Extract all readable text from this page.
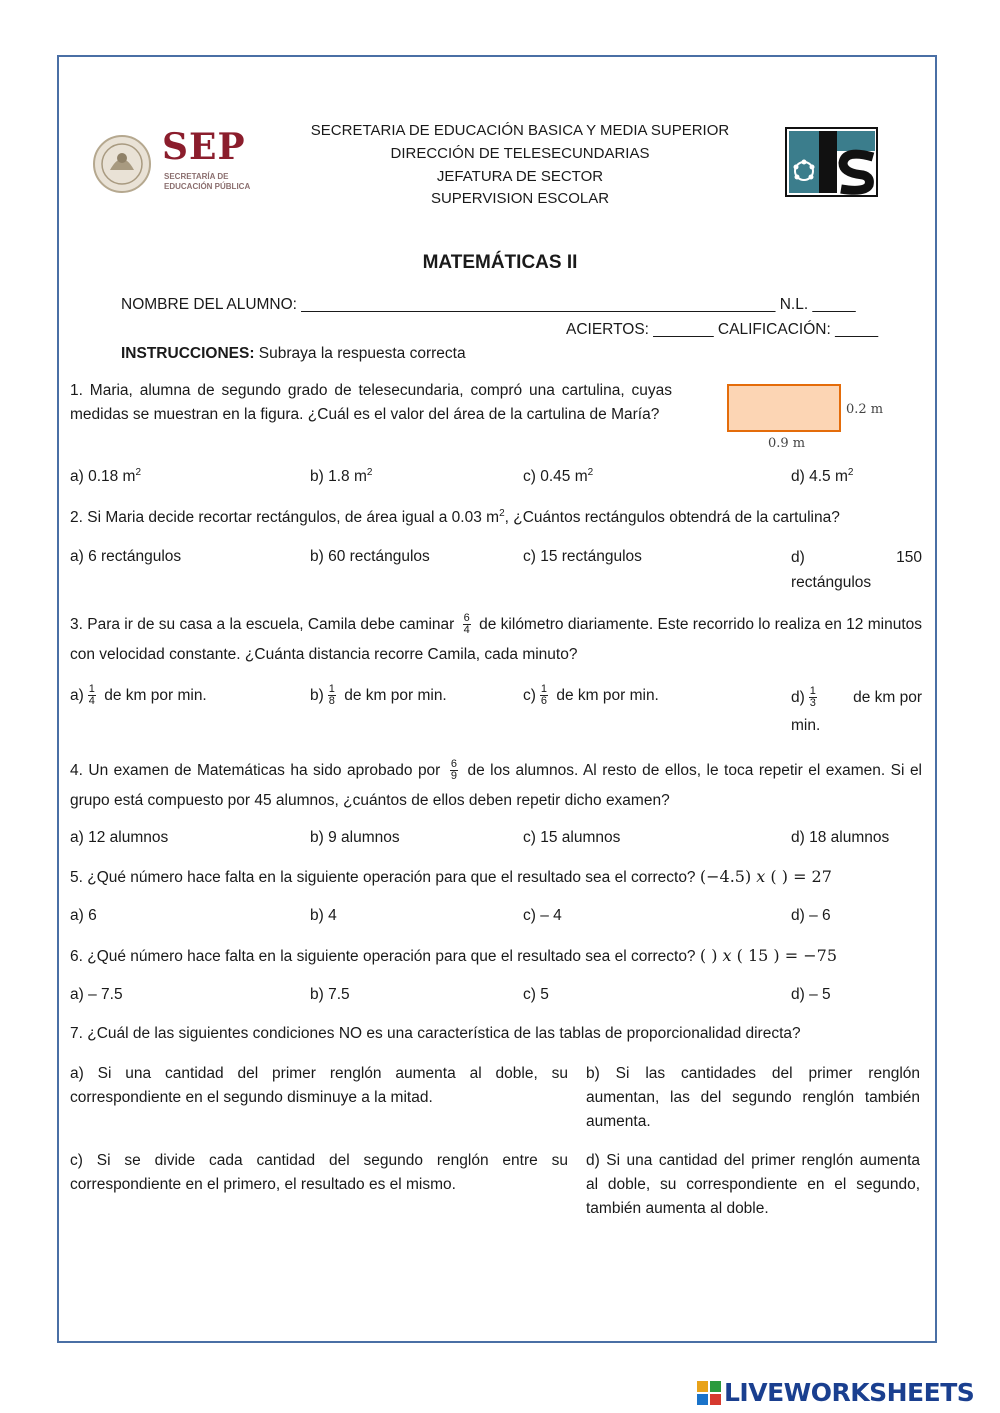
SEP
SECRETARÍA DE
EDUCACIÓN PÚBLICA
SECRETARIA DE EDUCACIÓN BASICA Y MEDIA SUPERIOR
DIRECCIÓN DE TELESECUNDARIAS
JEFATURA DE SECTOR
SUPERVISION ESCOLAR
MATEMÁTICAS II
NOMBRE DEL ALUMNO: _______________________________________________________ N.L. _____
ACIERTOS: _______ CALIFICACIÓN: _____
INSTRUCCIONES: Subraya la respuesta correcta
1. Maria, alumna de segundo grado de telesecundaria, compró una cartulina, cuyas medidas se muestran en la figura. ¿Cuál es el valor del área de la cartulina de María?	0.2 m
0.9 m
a) 0.18 $m^2$	b) 1.8 $m^2$	c) 0.45 $m^2$	d) 4.5 $m^2$
2. Si Maria decide recortar rectángulos, de área igual a 0.03 $m^2$, ¿Cuántos rectángulos obtendrá de la cartulina?
a) 6 rectángulos	b) 60 rectángulos	c) 15 rectángulos	d)	150
rectángulos
3. Para ir de su casa a la escuela, Camila debe caminar $\frac{6}{4}$ de kilómetro diariamente. Este recorrido lo realiza en 12 minutos con velocidad constante. ¿Cuánta distancia recorre Camila, cada minuto?
$a) \frac{1}{4}$ de km por min.	$b) \frac{1}{8}$ de km por min.	$c) \frac{1}{6}$ de km por min.	$d) \frac{1}{3}$ de km por
min.
4. Un examen de Matemáticas ha sido aprobado por $\frac{6}{9}$ de los alumnos. Al resto de ellos, le toca repetir el examen. Si el grupo está compuesto por 45 alumnos, ¿cuántos de ellos deben repetir dicho examen?
a) 12 alumnos	b) 9 alumnos	c) 15 alumnos	d) 18 alumnos
5. ¿Qué número hace falta en la siguiente operación para que el resultado sea el correcto? (−4.5) 𝑥 ( ) = 27
a) 6	b) 4	c) – 4	d) – 6
6. ¿Qué número hace falta en la siguiente operación para que el resultado sea el correcto? ( ) 𝑥 ( 15 ) = −75
a) – 7.5	b) 7.5	c) 5	d) – 5
7. ¿Cuál de las siguientes condiciones NO es una característica de las tablas de proporcionalidad directa?
a) Si una cantidad del primer renglón aumenta al doble, su correspondiente en el segundo disminuye a la mitad.
b) Si las cantidades del primer renglón aumentan, las del segundo renglón también aumenta.
c) Si se divide cada cantidad del segundo renglón entre su correspondiente en el primero, el resultado es el mismo.
d) Si una cantidad del primer renglón aumenta al doble, su correspondiente en el segundo, también aumenta al doble.
LIVEWORKSHEETS
